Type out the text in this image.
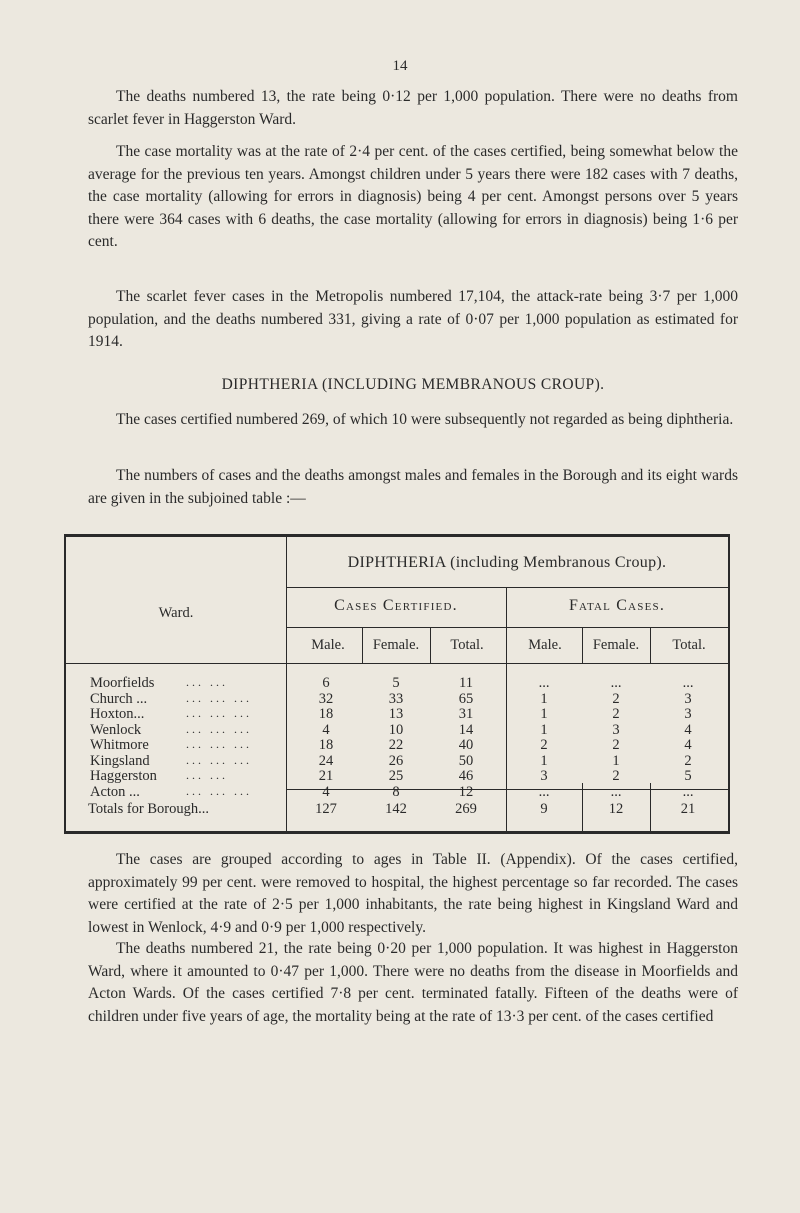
14
The deaths numbered 13, the rate being 0·12 per 1,000 population. There were no deaths from scarlet fever in Haggerston Ward.
The case mortality was at the rate of 2·4 per cent. of the cases certified, being somewhat below the average for the previous ten years. Amongst children under 5 years there were 182 cases with 7 deaths, the case mortality (allowing for errors in diagnosis) being 4 per cent. Amongst persons over 5 years there were 364 cases with 6 deaths, the case mortality (allowing for errors in diagnosis) being 1·6 per cent.
The scarlet fever cases in the Metropolis numbered 17,104, the attack-rate being 3·7 per 1,000 population, and the deaths numbered 331, giving a rate of 0·07 per 1,000 population as estimated for 1914.
DIPHTHERIA (INCLUDING MEMBRANOUS CROUP).
The cases certified numbered 269, of which 10 were subsequently not regarded as being diphtheria.
The numbers of cases and the deaths amongst males and females in the Borough and its eight wards are given in the subjoined table :—
Ward.
DIPHTHERIA (including Membranous Croup).
Cases Certified.	Fatal Cases.
Male.	Female.	Total.	Male.	Female.	Total.
Moorfields	... ...	6	5	11	...	...	...
Church ...	... ... ...	32	33	65	1	2	3
Hoxton...	... ... ...	18	13	31	1	2	3
Wenlock	... ... ...	4	10	14	1	3	4
Whitmore	... ... ...	18	22	40	2	2	4
Kingsland	... ... ...	24	26	50	1	1	2
Haggerston ... ...	21	25	46	3	2	5
Acton ...	... ... ...	4	8	12	...	...	...
Totals for Borough...	127	142	269	9	12	21
The cases are grouped according to ages in Table II. (Appendix). Of the cases certified, approximately 99 per cent. were removed to hospital, the highest percentage so far recorded. The cases were certified at the rate of 2·5 per 1,000 inhabitants, the rate being highest in Kingsland Ward and lowest in Wenlock, 4·9 and 0·9 per 1,000 respectively.
The deaths numbered 21, the rate being 0·20 per 1,000 population. It was highest in Haggerston Ward, where it amounted to 0·47 per 1,000. There were no deaths from the disease in Moorfields and Acton Wards. Of the cases certified 7·8 per cent. terminated fatally. Fifteen of the deaths were of children under five years of age, the mortality being at the rate of 13·3 per cent. of the cases certified
